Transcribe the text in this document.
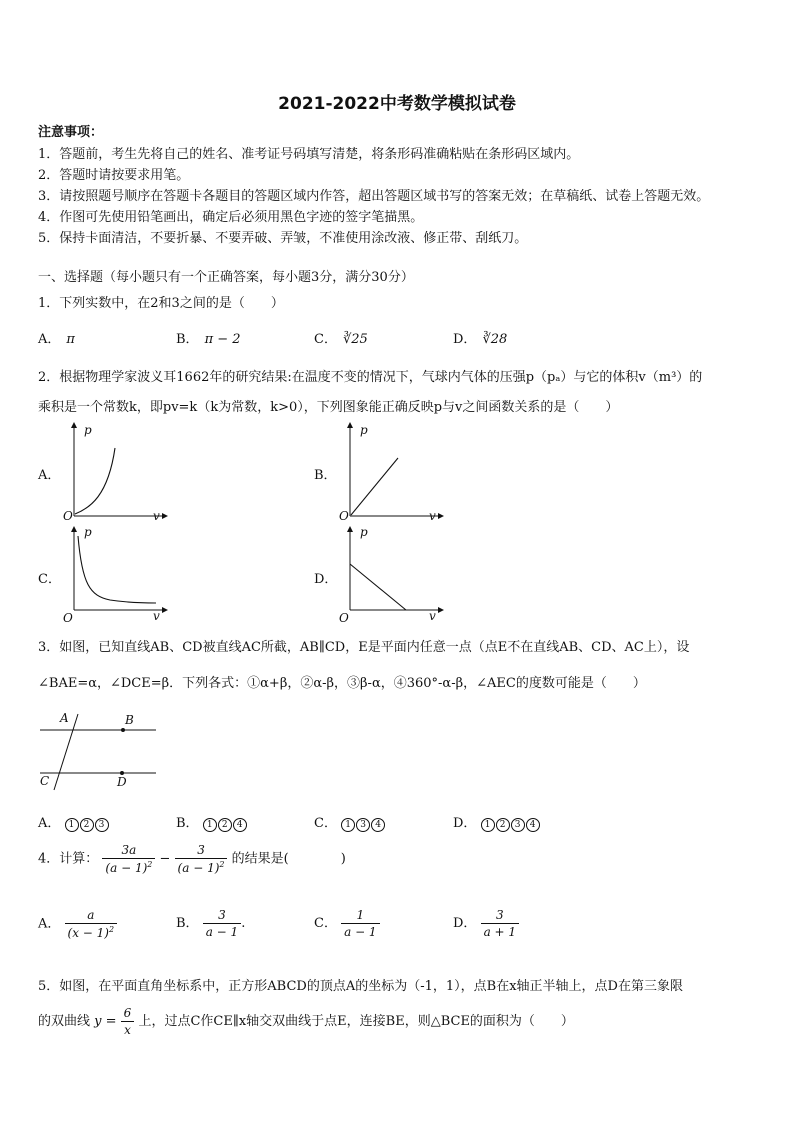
2021-2022中考数学模拟试卷
注意事项：
1．答题前，考生先将自己的姓名、准考证号码填写清楚，将条形码准确粘贴在条形码区域内。
2．答题时请按要求用笔。
3．请按照题号顺序在答题卡各题目的答题区域内作答，超出答题区域书写的答案无效；在草稿纸、试卷上答题无效。
4．作图可先使用铅笔画出，确定后必须用黑色字迹的签字笔描黑。
5．保持卡面清洁，不要折暴、不要弄破、弄皱，不准使用涂改液、修正带、刮纸刀。
一、选择题（每小题只有一个正确答案，每小题3分，满分30分）
1．下列实数中，在2和3之间的是（　　）
A． π	B． π − 2	C． ∛25	D． ∛28
2．根据物理学家波义耳1662年的研究结果:在温度不变的情况下，气球内气体的压强p（pₐ）与它的体积v（m³）的
乘积是一个常数k，即pv=k（k为常数，k>0），下列图象能正确反映p与v之间函数关系的是（　　）
A．
p
v
O
B．
p
v
O
C．
p
v
O
D．
p
v
O
3．如图，已知直线AB、CD被直线AC所截，AB∥CD，E是平面内任意一点（点E不在直线AB、CD、AC上），设
∠BAE=α，∠DCE=β．下列各式：①α+β，②α-β，③β-α，④360°-α-β，∠AEC的度数可能是（　　）
A	B
C	D
A． 1 2 3	B． 1 2 4	C． 1 3 4	D． 1 2 3 4
4．计算： $\frac{3a}{(a - 1)^2} - \frac{3}{(a - 1)^2}$ 的结果是(　　　　)
A． $\frac{a}{(x - 1)^2}$	B． $\frac{3}{a - 1}$ .	C． $\frac{1}{a - 1}$	D． $\frac{3}{a + 1}$
5．如图，在平面直角坐标系中，正方形ABCD的顶点A的坐标为（-1，1），点B在x轴正半轴上，点D在第三象限
的双曲线 $y = \frac{6}{x}$ 上，过点C作CE∥x轴交双曲线于点E，连接BE，则△BCE的面积为（　　）
